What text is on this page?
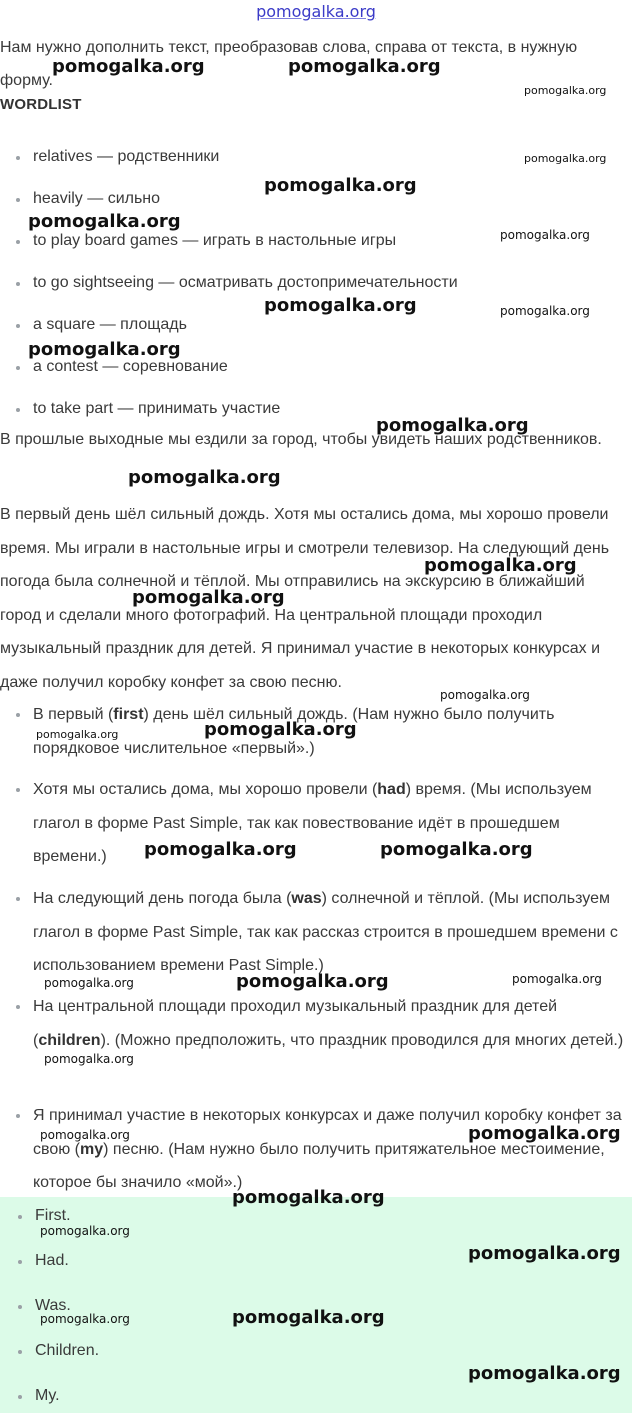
pomogalka.org
Нам нужно дополнить текст, преобразовав слова, справа от текста, в нужную форму.
WORDLIST
relatives — родственники
heavily — сильно
to play board games — играть в настольные игры
to go sightseeing — осматривать достопримечательности
a square — площадь
a contest — соревнование
to take part — принимать участие
В прошлые выходные мы ездили за город, чтобы увидеть наших родственников.
В первый день шёл сильный дождь. Хотя мы остались дома, мы хорошо провели время. Мы играли в настольные игры и смотрели телевизор. На следующий день погода была солнечной и тёплой. Мы отправились на экскурсию в ближайший город и сделали много фотографий. На центральной площади проходил музыкальный праздник для детей. Я принимал участие в некоторых конкурсах и даже получил коробку конфет за свою песню.
В первый (first) день шёл сильный дождь. (Нам нужно было получить порядковое числительное «первый».)
Хотя мы остались дома, мы хорошо провели (had) время. (Мы используем глагол в форме Past Simple, так как повествование идёт в прошедшем времени.)
На следующий день погода была (was) солнечной и тёплой. (Мы используем глагол в форме Past Simple, так как рассказ строится в прошедшем времени с использованием времени Past Simple.)
На центральной площади проходил музыкальный праздник для детей (children). (Можно предположить, что праздник проводился для многих детей.)
Я принимал участие в некоторых конкурсах и даже получил коробку конфет за свою (my) песню. (Нам нужно было получить притяжательное местоимение, которое бы значило «мой».)
First.
Had.
Was.
Children.
My.
pomogalka.org	pomogalka.org
pomogalka.org
pomogalka.org
pomogalka.org
pomogalka.org
pomogalka.org
pomogalka.org	pomogalka.org
pomogalka.org
pomogalka.org
pomogalka.org
pomogalka.org
pomogalka.org
pomogalka.org
pomogalka.org	pomogalka.org
pomogalka.org	pomogalka.org
pomogalka.org	pomogalka.org	pomogalka.org
pomogalka.org
pomogalka.org	pomogalka.org
pomogalka.org
pomogalka.org
pomogalka.org
pomogalka.org	pomogalka.org
pomogalka.org
